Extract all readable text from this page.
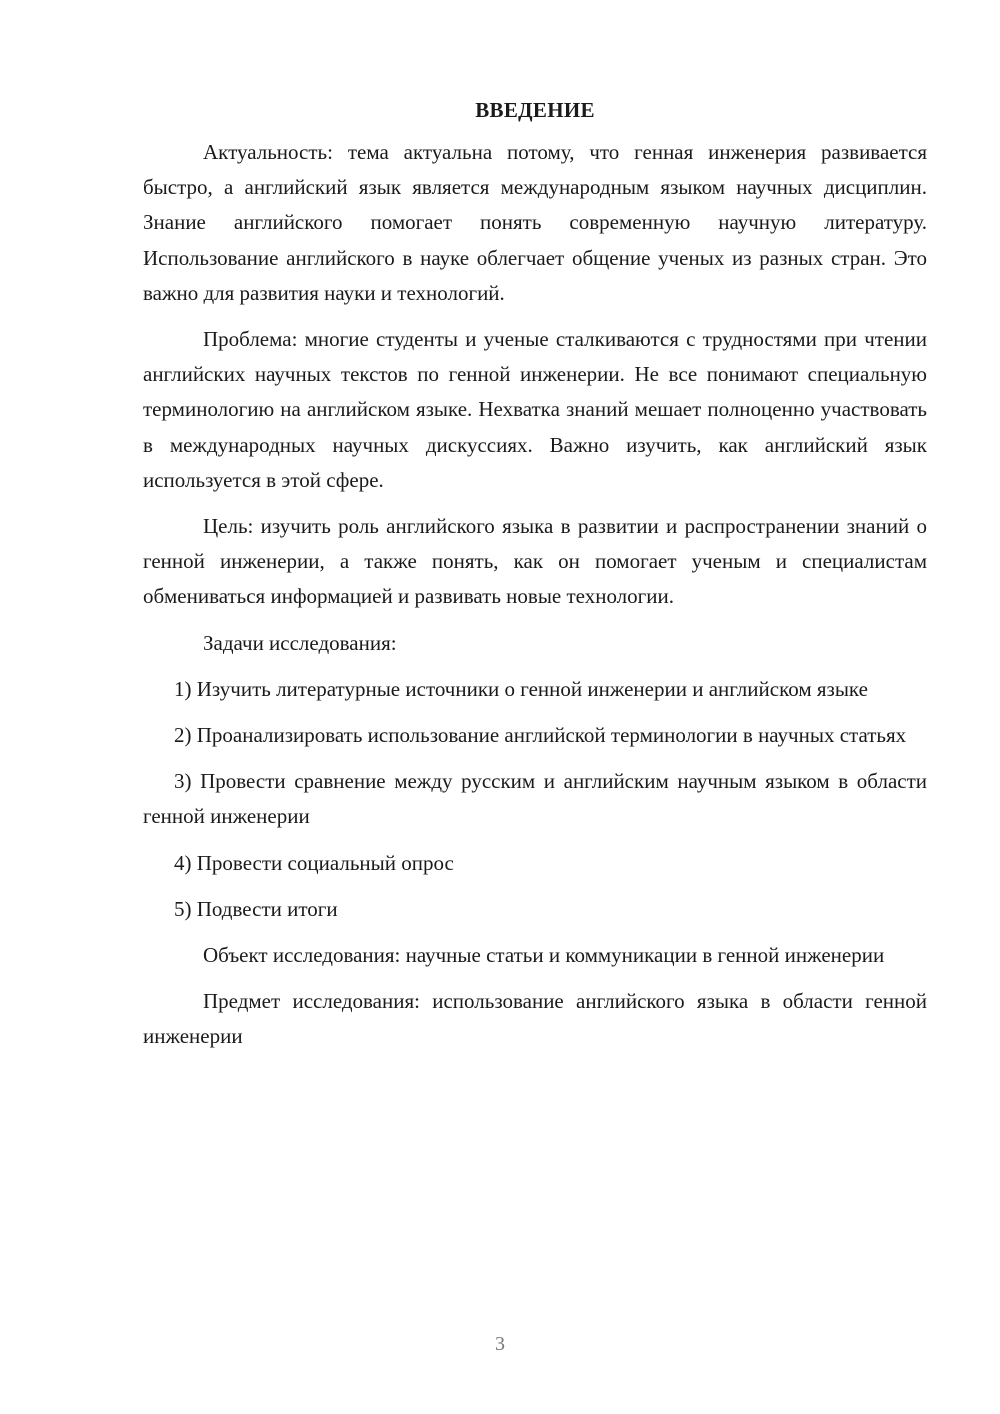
ВВЕДЕНИЕ

Актуальность: тема актуальна потому, что генная инженерия развивается быстро, а английский язык является международным языком научных дисциплин. Знание английского помогает понять современную научную литературу. Использование английского в науке облегчает общение ученых из разных стран. Это важно для развития науки и технологий.

Проблема: многие студенты и ученые сталкиваются с трудностями при чтении английских научных текстов по генной инженерии. Не все понимают специальную терминологию на английском языке. Нехватка знаний мешает полноценно участвовать в международных научных дискуссиях. Важно изучить, как английский язык используется в этой сфере.

Цель: изучить роль английского языка в развитии и распространении знаний о генной инженерии, а также понять, как он помогает ученым и специалистам обмениваться информацией и развивать новые технологии.

Задачи исследования:

1) Изучить литературные источники о генной инженерии и английском языке

2) Проанализировать использование английской терминологии в научных статьях

3) Провести сравнение между русским и английским научным языком в области генной инженерии

4) Провести социальный опрос

5) Подвести итоги

Объект исследования: научные статьи и коммуникации в генной инженерии

Предмет исследования: использование английского языка в области генной инженерии

3
